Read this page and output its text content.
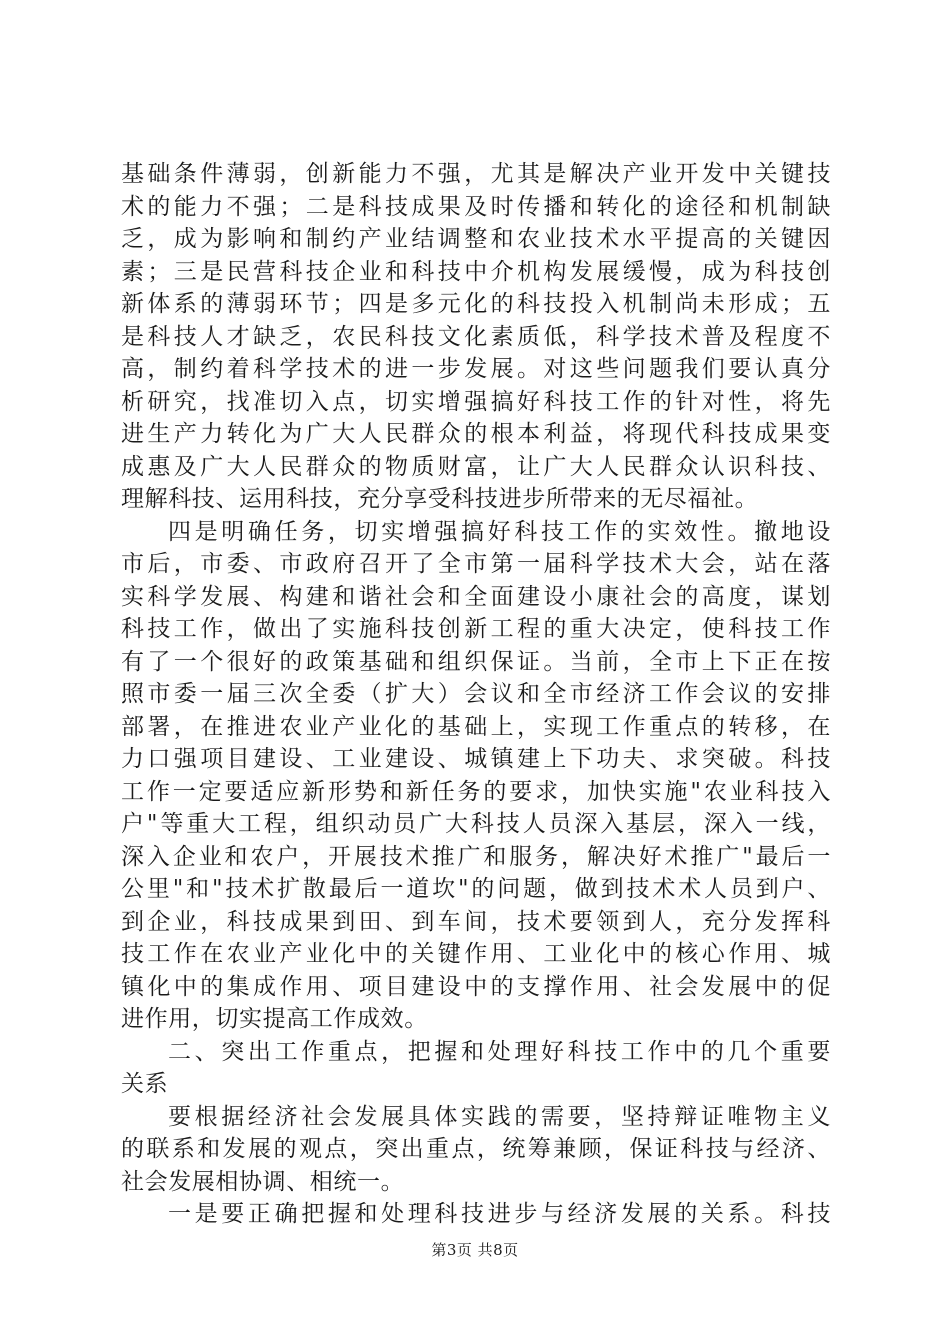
基础条件薄弱，创新能力不强，尤其是解决产业开发中关键技
术的能力不强；二是科技成果及时传播和转化的途径和机制缺
乏，成为影响和制约产业结调整和农业技术水平提高的关键因
素；三是民营科技企业和科技中介机构发展缓慢，成为科技创
新体系的薄弱环节；四是多元化的科技投入机制尚未形成；五
是科技人才缺乏，农民科技文化素质低，科学技术普及程度不
高，制约着科学技术的进一步发展。对这些问题我们要认真分
析研究，找准切入点，切实增强搞好科技工作的针对性，将先
进生产力转化为广大人民群众的根本利益，将现代科技成果变
成惠及广大人民群众的物质财富，让广大人民群众认识科技、
理解科技、运用科技，充分享受科技进步所带来的无尽福祉。
四是明确任务，切实增强搞好科技工作的实效性。撤地设
市后，市委、市政府召开了全市第一届科学技术大会，站在落
实科学发展、构建和谐社会和全面建设小康社会的高度，谋划
科技工作，做出了实施科技创新工程的重大决定，使科技工作
有了一个很好的政策基础和组织保证。当前，全市上下正在按
照市委一届三次全委（扩大）会议和全市经济工作会议的安排
部署，在推进农业产业化的基础上，实现工作重点的转移，在
力口强项目建设、工业建设、城镇建上下功夫、求突破。科技
工作一定要适应新形势和新任务的要求，加快实施"农业科技入
户"等重大工程，组织动员广大科技人员深入基层，深入一线，
深入企业和农户，开展技术推广和服务，解决好术推广"最后一
公里"和"技术扩散最后一道坎"的问题，做到技术术人员到户、
到企业，科技成果到田、到车间，技术要领到人，充分发挥科
技工作在农业产业化中的关键作用、工业化中的核心作用、城
镇化中的集成作用、项目建设中的支撑作用、社会发展中的促
进作用，切实提高工作成效。
二、突出工作重点，把握和处理好科技工作中的几个重要
关系
要根据经济社会发展具体实践的需要，坚持辩证唯物主义
的联系和发展的观点，突出重点，统筹兼顾，保证科技与经济、
社会发展相协调、相统一。
一是要正确把握和处理科技进步与经济发展的关系。科技
第3页 共8页
